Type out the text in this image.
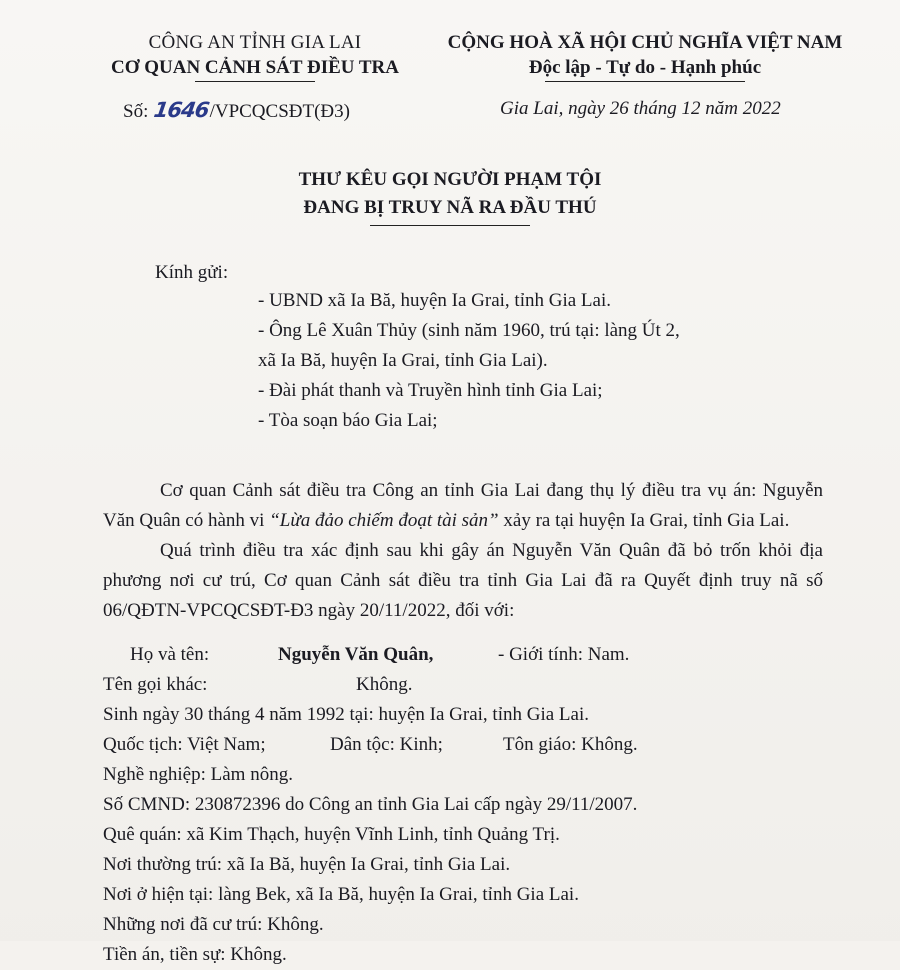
CÔNG AN TỈNH GIA LAI
CƠ QUAN CẢNH SÁT ĐIỀU TRA
CỘNG HOÀ XÃ HỘI CHỦ NGHĨA VIỆT NAM
Độc lập - Tự do - Hạnh phúc
Số: 1646/VPCQCSĐT(Đ3)	Gia Lai, ngày 26 tháng 12 năm 2022
THƯ KÊU GỌI NGƯỜI PHẠM TỘI
ĐANG BỊ TRUY NÃ RA ĐẦU THÚ
Kính gửi:
- UBND xã Ia Bă, huyện Ia Grai, tỉnh Gia Lai.
- Ông Lê Xuân Thủy (sinh năm 1960, trú tại: làng Út 2,
xã Ia Bă, huyện Ia Grai, tỉnh Gia Lai).
- Đài phát thanh và Truyền hình tỉnh Gia Lai;
- Tòa soạn báo Gia Lai;

Cơ quan Cảnh sát điều tra Công an tỉnh Gia Lai đang thụ lý điều tra vụ án: Nguyễn Văn Quân có hành vi “Lừa đảo chiếm đoạt tài sản” xảy ra tại huyện Ia Grai, tỉnh Gia Lai.

Quá trình điều tra xác định sau khi gây án Nguyễn Văn Quân đã bỏ trốn khỏi địa phương nơi cư trú, Cơ quan Cảnh sát điều tra tỉnh Gia Lai đã ra Quyết định truy nã số 06/QĐTN-VPCQCSĐT-Đ3 ngày 20/11/2022, đối với:

Họ và tên:	Nguyễn Văn Quân,	- Giới tính: Nam.
Tên gọi khác:	Không.
Sinh ngày 30 tháng 4 năm 1992 tại: huyện Ia Grai, tỉnh Gia Lai.
Quốc tịch: Việt Nam;	Dân tộc: Kinh;	Tôn giáo: Không.
Nghề nghiệp: Làm nông.
Số CMND: 230872396 do Công an tỉnh Gia Lai cấp ngày 29/11/2007.
Quê quán: xã Kim Thạch, huyện Vĩnh Linh, tỉnh Quảng Trị.
Nơi thường trú: xã Ia Bă, huyện Ia Grai, tỉnh Gia Lai.
Nơi ở hiện tại: làng Bek, xã Ia Bă, huyện Ia Grai, tỉnh Gia Lai.
Những nơi đã cư trú: Không.
Tiền án, tiền sự: Không.
